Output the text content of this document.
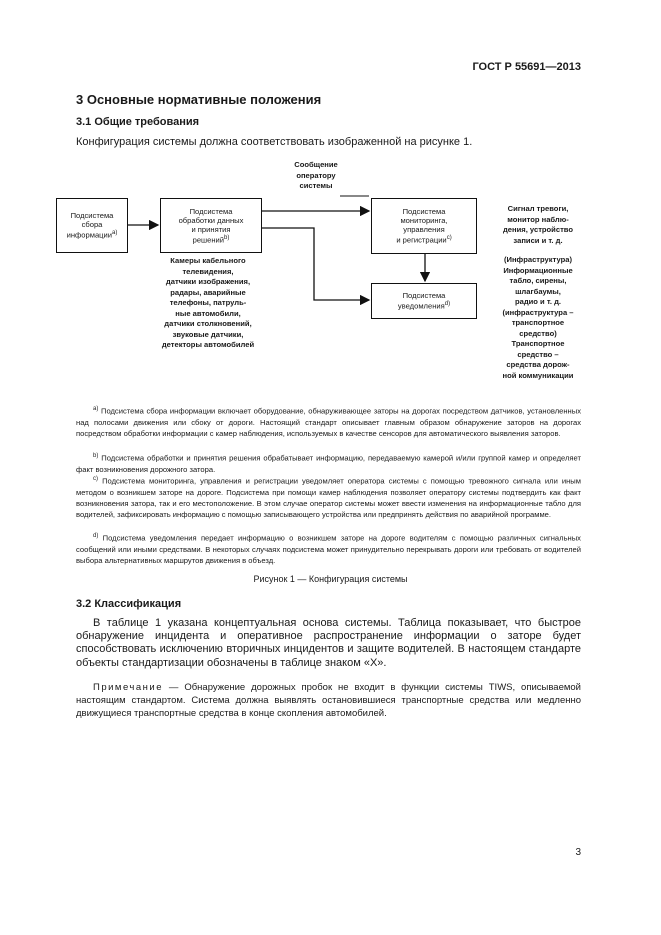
ГОСТ Р 55691—2013
3 Основные нормативные положения
3.1 Общие требования
Конфигурация системы должна соответствовать изображенной на рисунке 1.
Сообщение
оператору
системы
Подсистема
сбора
информации$^{а)}$
Подсистема
обработки данных
и принятия
решений$^{b)}$
Подсистема
мониторинга,
управления
и регистрации$^{c)}$
Подсистема
уведомления$^{d)}$
Камеры кабельного
телевидения,
датчики изображения,
радары, аварийные
телефоны, патруль-
ные автомобили,
датчики столкновений,
звуковые датчики,
детекторы автомобилей
Сигнал тревоги,
монитор наблю-
дения, устройство
записи и т. д.
(Инфраструктура)
Информационные
табло, сирены,
шлагбаумы,
радио и т. д.
(инфраструктура –
транспортное
средство)
Транспортное
средство –
средства дорож-
ной коммуникации
$^{а)}$ Подсистема сбора информации включает оборудование, обнаруживающее заторы на дорогах посредством датчиков, установленных над полосами движения или сбоку от дороги. Настоящий стандарт описывает главным образом обнаружение заторов на дорогах посредством обработки информации с камер наблюдения, используемых в качестве сенсоров для автоматического выявления заторов.
$^{b)}$ Подсистема обработки и принятия решения обрабатывает информацию, передаваемую камерой и/или группой камер и определяет факт возникновения дорожного затора.
$^{c)}$ Подсистема мониторинга, управления и регистрации уведомляет оператора системы с помощью тревожного сигнала или иным методом о возникшем заторе на дороге. Подсистема при помощи камер наблюдения позволяет оператору системы подтвердить как факт возникновения затора, так и его местоположение. В этом случае оператор системы может ввести изменения на информационные табло для водителей, зафиксировать информацию с помощью записывающего устройства или предпринять действия по аварийной программе.
$^{d)}$ Подсистема уведомления передает информацию о возникшем заторе на дороге водителям с помощью различных сигнальных сообщений или иными средствами. В некоторых случаях подсистема может принудительно перекрывать дороги или требовать от водителей выбора альтернативных маршрутов движения в объезд.
Рисунок 1 — Конфигурация системы
3.2 Классификация
В таблице 1 указана концептуальная основа системы. Таблица показывает, что быстрое обнаружение инцидента и оперативное распространение информации о заторе будет способствовать исключению вторичных инцидентов и защите водителей. В настоящем стандарте объекты стандартизации обозначены в таблице знаком «Х».
Примечание — Обнаружение дорожных пробок не входит в функции системы TIWS, описываемой настоящим стандартом. Система должна выявлять остановившиеся транспортные средства или медленно движущиеся транспортные средства в конце скопления автомобилей.
3
